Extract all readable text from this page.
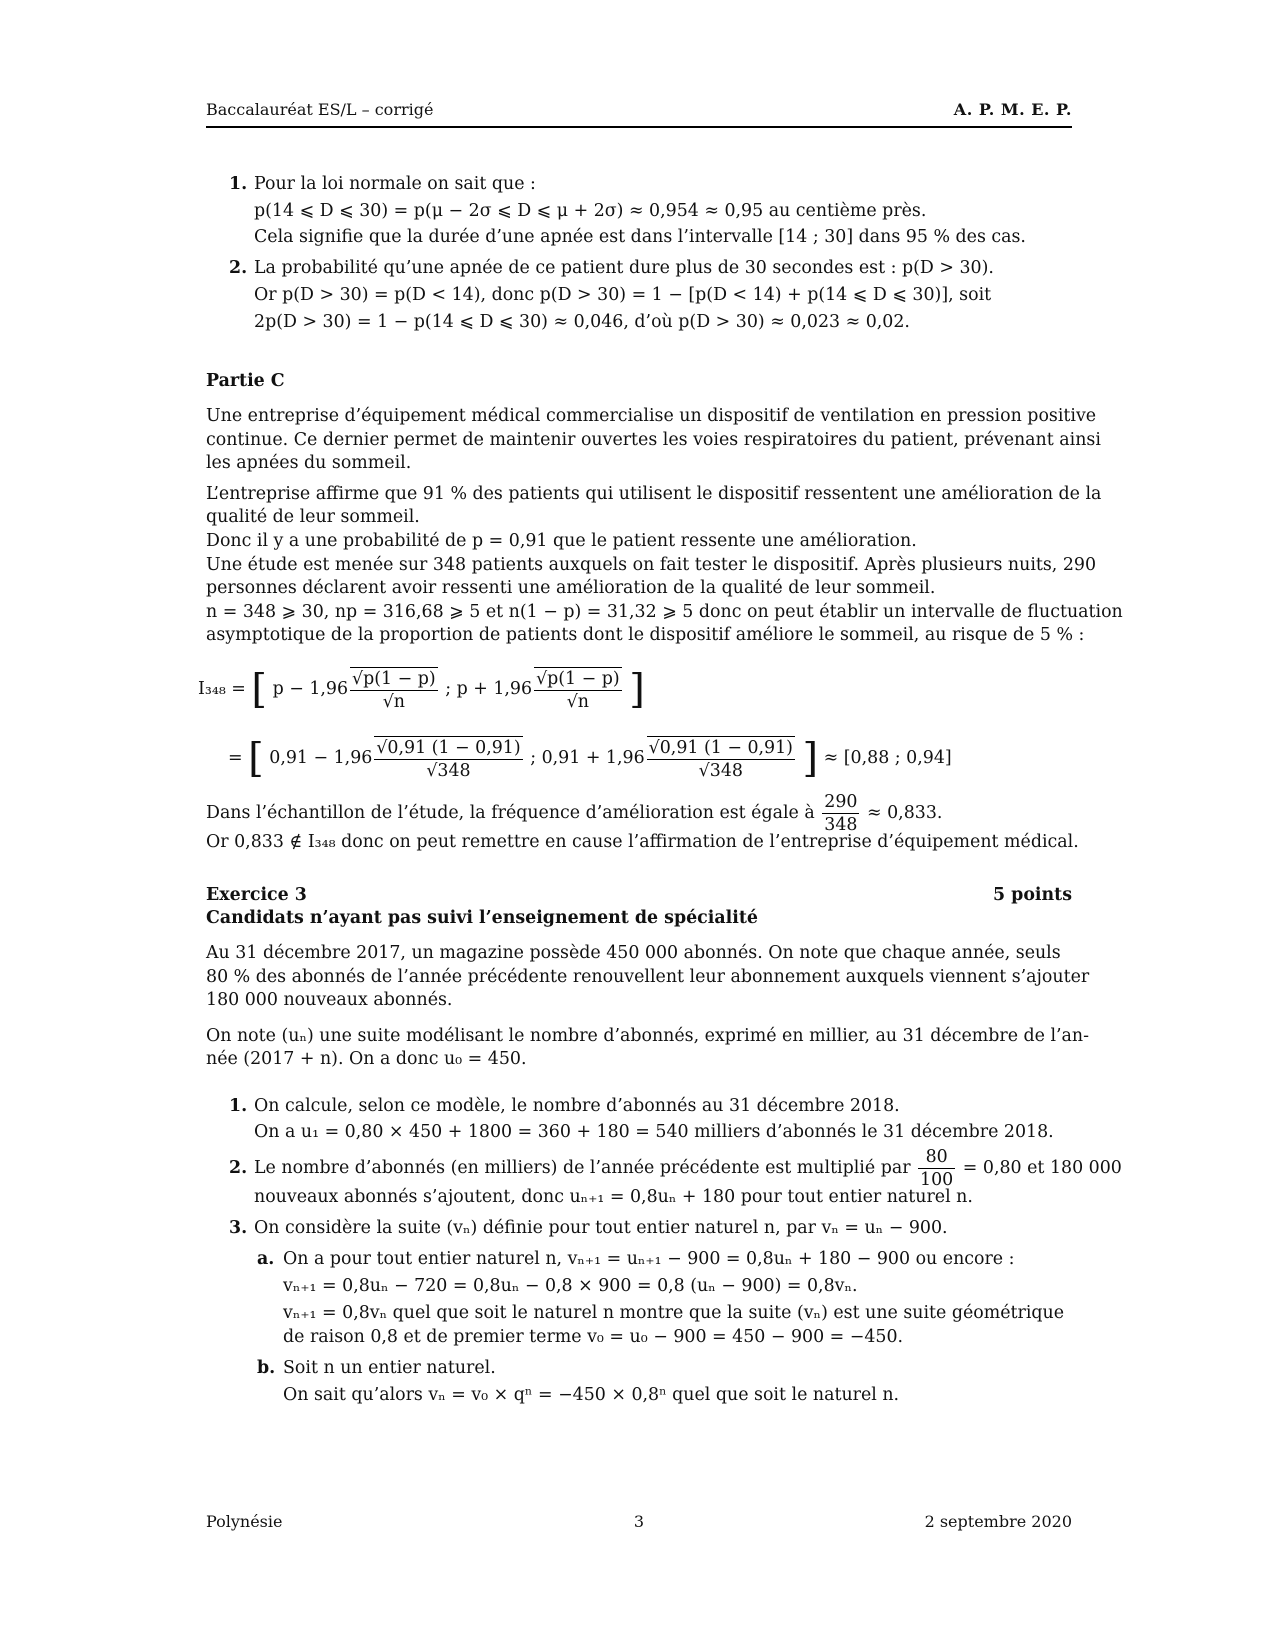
Baccalauréat ES/L – corrigé	A. P. M. E. P.
1. Pour la loi normale on sait que :
p(14 ⩽ D ⩽ 30) = p(μ − 2σ ⩽ D ⩽ μ + 2σ) ≈ 0,954 ≈ 0,95 au centième près.
Cela signifie que la durée d’une apnée est dans l’intervalle [14 ; 30] dans 95 % des cas.
2. La probabilité qu’une apnée de ce patient dure plus de 30 secondes est : p(D > 30).
Or p(D > 30) = p(D < 14), donc p(D > 30) = 1 − [p(D < 14) + p(14 ⩽ D ⩽ 30)], soit
2p(D > 30) = 1 − p(14 ⩽ D ⩽ 30) ≈ 0,046, d’où p(D > 30) ≈ 0,023 ≈ 0,02.
Partie C
Une entreprise d’équipement médical commercialise un dispositif de ventilation en pression positive
continue. Ce dernier permet de maintenir ouvertes les voies respiratoires du patient, prévenant ainsi
les apnées du sommeil.
L’entreprise affirme que 91 % des patients qui utilisent le dispositif ressentent une amélioration de la
qualité de leur sommeil.
Donc il y a une probabilité de p = 0,91 que le patient ressente une amélioration.
Une étude est menée sur 348 patients auxquels on fait tester le dispositif. Après plusieurs nuits, 290
personnes déclarent avoir ressenti une amélioration de la qualité de leur sommeil.
n = 348 ⩾ 30, np = 316,68 ⩾ 5 et n(1 − p) = 31,32 ⩾ 5 donc on peut établir un intervalle de fluctuation
asymptotique de la proportion de patients dont le dispositif améliore le sommeil, au risque de 5 % :
I₃₄₈ = [ $p - 1,96 \frac{√p(1 - p)}{√n}$ ; $p + 1,96 \frac{√p(1 - p)}{√n}$ ]
= [ $0,91 - 1,96 \frac{√0,91 (1 - 0,91)}{√348}$ ; $0,91 + 1,96 \frac{√0,91 (1 - 0,91)}{√348}$ ] ≈ [0,88 ; 0,94]
Dans l’échantillon de l’étude, la fréquence d’amélioration est égale à $\frac{290}{348} \approx 0,833$.
Or 0,833 ∉ I₃₄₈ donc on peut remettre en cause l’affirmation de l’entreprise d’équipement médical.
Exercice 3	5 points
Candidats n’ayant pas suivi l’enseignement de spécialité
Au 31 décembre 2017, un magazine possède 450 000 abonnés. On note que chaque année, seuls
80 % des abonnés de l’année précédente renouvellent leur abonnement auxquels viennent s’ajouter
180 000 nouveaux abonnés.
On note (uₙ) une suite modélisant le nombre d’abonnés, exprimé en millier, au 31 décembre de l’an-
née (2017 + n). On a donc u₀ = 450.
1. On calcule, selon ce modèle, le nombre d’abonnés au 31 décembre 2018.
On a u₁ = 0,80 × 450 + 1800 = 360 + 180 = 540 milliers d’abonnés le 31 décembre 2018.
2. Le nombre d’abonnés (en milliers) de l’année précédente est multiplié par $\frac{80}{100} = 0,80$ et 180 000
nouveaux abonnés s’ajoutent, donc uₙ₊₁ = 0,8uₙ + 180 pour tout entier naturel n.
3. On considère la suite (vₙ) définie pour tout entier naturel n, par vₙ = uₙ − 900.
a. On a pour tout entier naturel n, vₙ₊₁ = uₙ₊₁ − 900 = 0,8uₙ + 180 − 900 ou encore :
vₙ₊₁ = 0,8uₙ − 720 = 0,8uₙ − 0,8 × 900 = 0,8 (uₙ − 900) = 0,8vₙ.
vₙ₊₁ = 0,8vₙ quel que soit le naturel n montre que la suite (vₙ) est une suite géométrique
de raison 0,8 et de premier terme v₀ = u₀ − 900 = 450 − 900 = −450.
b. Soit n un entier naturel.
On sait qu’alors vₙ = v₀ × qⁿ = −450 × 0,8ⁿ quel que soit le naturel n.
Polynésie	3	2 septembre 2020
